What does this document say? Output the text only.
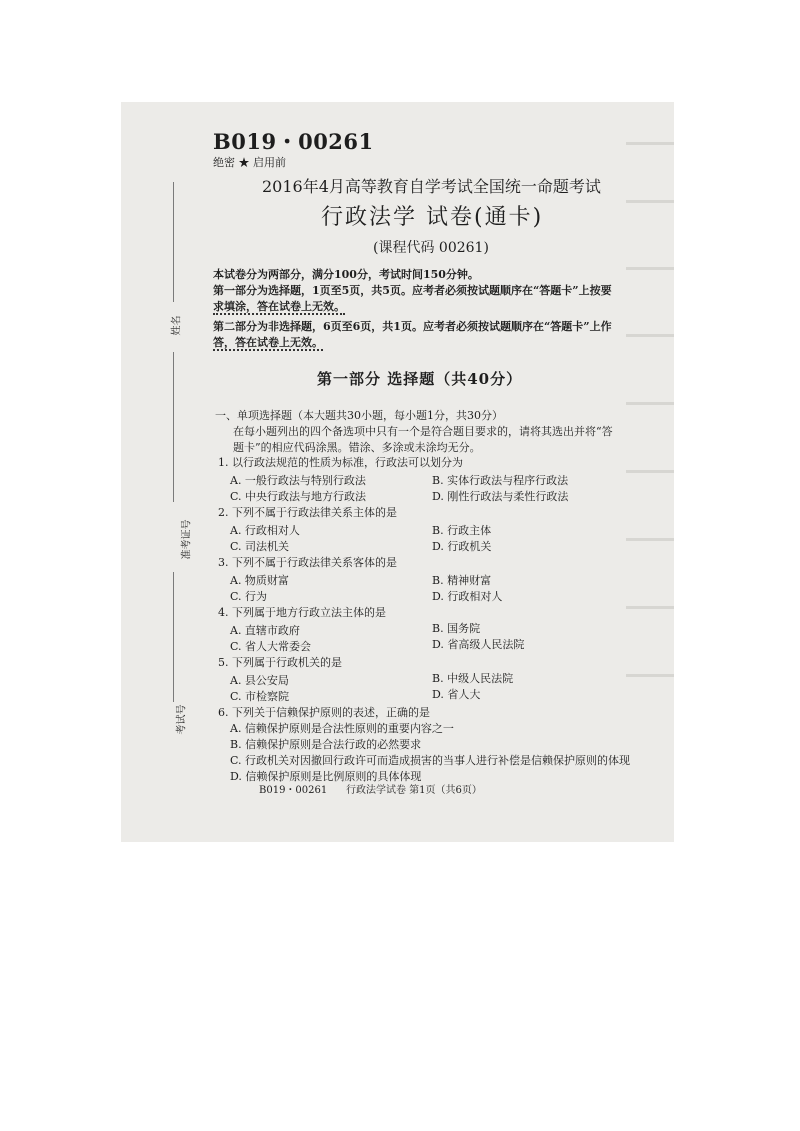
姓名
准考证号
考试号
B019・00261
绝密 ★ 启用前
2016年4月高等教育自学考试全国统一命题考试
行政法学 试卷(通卡)
(课程代码 00261)
本试卷分为两部分，满分100分，考试时间150分钟。
第一部分为选择题，1页至5页，共5页。应考者必须按试题顺序在“答题卡”上按要
求填涂，答在试卷上无效。
第二部分为非选择题，6页至6页，共1页。应考者必须按试题顺序在“答题卡”上作
答，答在试卷上无效。
第一部分 选择题（共40分）
一、单项选择题（本大题共30小题，每小题1分，共30分）
在每小题列出的四个备选项中只有一个是符合题目要求的，请将其选出并将“答
题卡”的相应代码涂黑。错涂、多涂或未涂均无分。
1. 以行政法规范的性质为标准，行政法可以划分为
A. 一般行政法与特别行政法	B. 实体行政法与程序行政法
C. 中央行政法与地方行政法	D. 刚性行政法与柔性行政法
2. 下列不属于行政法律关系主体的是
A. 行政相对人	B. 行政主体
C. 司法机关	D. 行政机关
3. 下列不属于行政法律关系客体的是
A. 物质财富	B. 精神财富
C. 行为	D. 行政相对人
4. 下列属于地方行政立法主体的是
A. 直辖市政府	B. 国务院
C. 省人大常委会	D. 省高级人民法院
5. 下列属于行政机关的是
A. 县公安局	B. 中级人民法院
C. 市检察院	D. 省人大
6. 下列关于信赖保护原则的表述，正确的是
A. 信赖保护原则是合法性原则的重要内容之一
B. 信赖保护原则是合法行政的必然要求
C. 行政机关对因撤回行政许可而造成损害的当事人进行补偿是信赖保护原则的体现
D. 信赖保护原则是比例原则的具体体现
B019・00261 行政法学试卷 第1页（共6页）
